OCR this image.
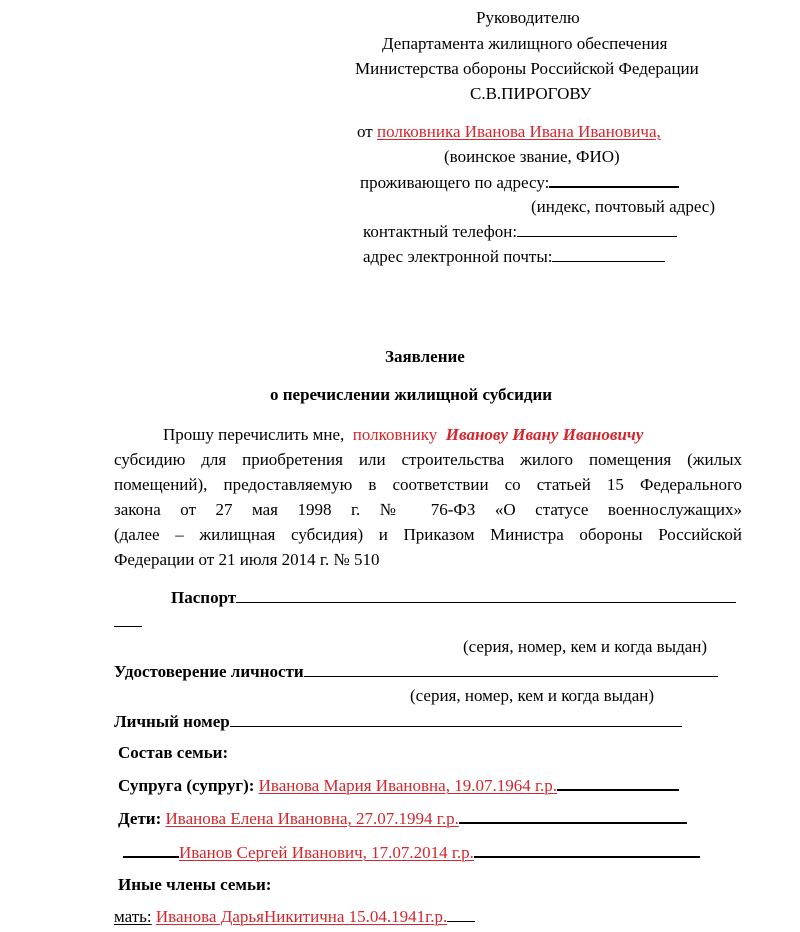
Руководителю
Департамента жилищного обеспечения
Министерства обороны Российской Федерации
С.В.ПИРОГОВУ
от полковника Иванова Ивана Ивановича,
(воинское звание, ФИО)
проживающего по адресу:
(индекс, почтовый адрес)
контактный телефон:
адрес электронной почты:
Заявление
о перечислении жилищной субсидии
Прошу перечислить мне, полковнику Иванову Ивану Ивановичу
субсидию для приобретения или строительства жилого помещения (жилых
помещений), предоставляемую в соответствии со статьей 15 Федерального
закона от 27 мая 1998 г. № 76-ФЗ «О статусе военнослужащих»
(далее – жилищная субсидия) и Приказом Министра обороны Российской
Федерации от 21 июля 2014 г. № 510
Паспорт
(серия, номер, кем и когда выдан)
Удостоверение личности
(серия, номер, кем и когда выдан)
Личный номер
Состав семьи:
Супруга (супруг): Иванова Мария Ивановна, 19.07.1964 г.р.
Дети: Иванова Елена Ивановна, 27.07.1994 г.р.
Иванов Сергей Иванович, 17.07.2014 г.р.
Иные члены семьи:
мать: Иванова ДарьяНикитична 15.04.1941г.р.
